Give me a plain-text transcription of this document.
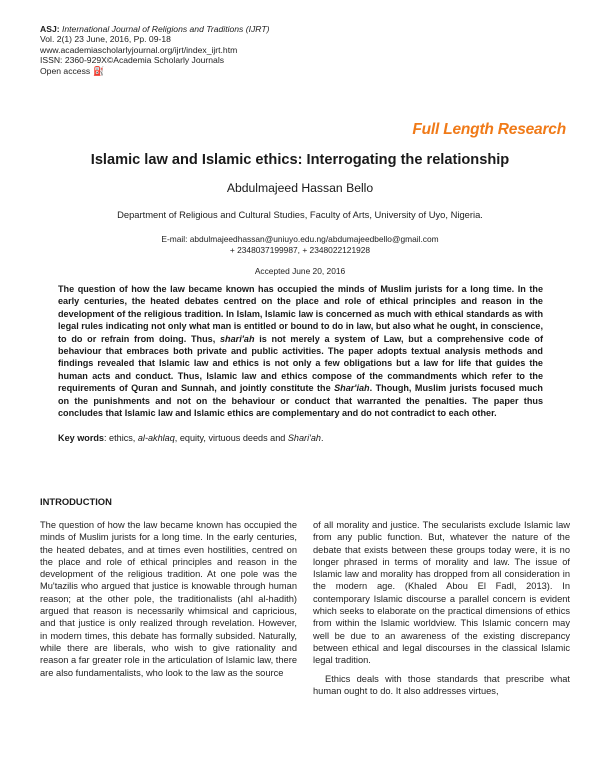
ASJ: International Journal of Religions and Traditions (IJRT)
Vol. 2(1) 23 June, 2016, Pp. 09-18
www.academiascholarlyjournal.org/ijrt/index_ijrt.htm
ISSN: 2360-929X©Academia Scholarly Journals
Open access ⛽
Full Length Research
Islamic law and Islamic ethics: Interrogating the relationship
Abdulmajeed Hassan Bello
Department of Religious and Cultural Studies, Faculty of Arts, University of Uyo, Nigeria.
E-mail: abdulmajeedhassan@uniuyo.edu.ng/abdumajeedbello@gmail.com
+ 2348037199987, + 2348022121928
Accepted June 20, 2016
The question of how the law became known has occupied the minds of Muslim jurists for a long time. In the early centuries, the heated debates centred on the place and role of ethical principles and reason in the development of the religious tradition. In Islam, Islamic law is concerned as much with ethical standards as with legal rules indicating not only what man is entitled or bound to do in law, but also what he ought, in conscience, to do or refrain from doing. Thus, shari'ah is not merely a system of Law, but a comprehensive code of behaviour that embraces both private and public activities. The paper adopts textual analysis methods and findings revealed that Islamic law and ethics is not only a few obligations but a law for life that guides the human acts and conduct. Thus, Islamic law and ethics compose of the commandments which refer to the requirements of Quran and Sunnah, and jointly constitute the Shar'iah. Though, Muslim jurists focused much on the punishments and not on the behaviour or conduct that warranted the penalties. The paper thus concludes that Islamic law and Islamic ethics are complementary and do not contradict to each other.
Key words: ethics, al-akhlaq, equity, virtuous deeds and Shari'ah.
INTRODUCTION

The question of how the law became known has occupied the minds of Muslim jurists for a long time. In the early centuries, the heated debates, and at times even hostilities, centred on the place and role of ethical principles and reason in the development of the religious tradition. At one pole was the Mu'tazilis who argued that justice is knowable through human reason; at the other pole, the traditionalists (ahl al-hadith) argued that reason is necessarily whimsical and capricious, and that justice is only realized through revelation. However, in modern times, this debate has formally subsided. Naturally, while there are liberals, who wish to give rationality and reason a far greater role in the articulation of Islamic law, there are also fundamentalists, who look to the law as the source

of all morality and justice. The secularists exclude Islamic law from any public function. But, whatever the nature of the debate that exists between these groups today were, it is no longer phrased in terms of morality and law. The issue of Islamic law and morality has dropped from all consideration in the modern age. (Khaled Abou El Fadl, 2013). In contemporary Islamic discourse a parallel concern is evident which seeks to elaborate on the practical dimensions of ethics from within the Islamic worldview. This Islamic concern may well be due to an awareness of the existing discrepancy between ethical and legal discourses in the classical Islamic legal tradition.

Ethics deals with those standards that prescribe what human ought to do. It also addresses virtues,
